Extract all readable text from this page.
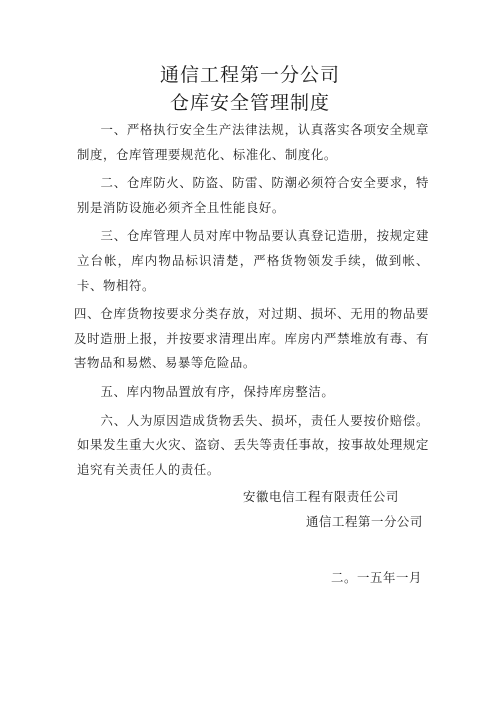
通信工程第一分公司
仓库安全管理制度

一、严格执行安全生产法律法规，认真落实各项安全规章制度，仓库管理要规范化、标准化、制度化。

二、仓库防火、防盗、防雷、防潮必须符合安全要求，特别是消防设施必须齐全且性能良好。

三、仓库管理人员对库中物品要认真登记造册，按规定建立台帐，库内物品标识清楚，严格货物领发手续，做到帐、卡、物相符。

四、仓库货物按要求分类存放，对过期、损坏、无用的物品要及时造册上报，并按要求清理出库。库房内严禁堆放有毒、有害物品和易燃、易暴等危险品。

五、库内物品置放有序，保持库房整洁。

六、人为原因造成货物丢失、损坏，责任人要按价赔偿。如果发生重大火灾、盗窃、丢失等责任事故，按事故处理规定追究有关责任人的责任。

安徽电信工程有限责任公司
通信工程第一分公司
二。一五年一月
